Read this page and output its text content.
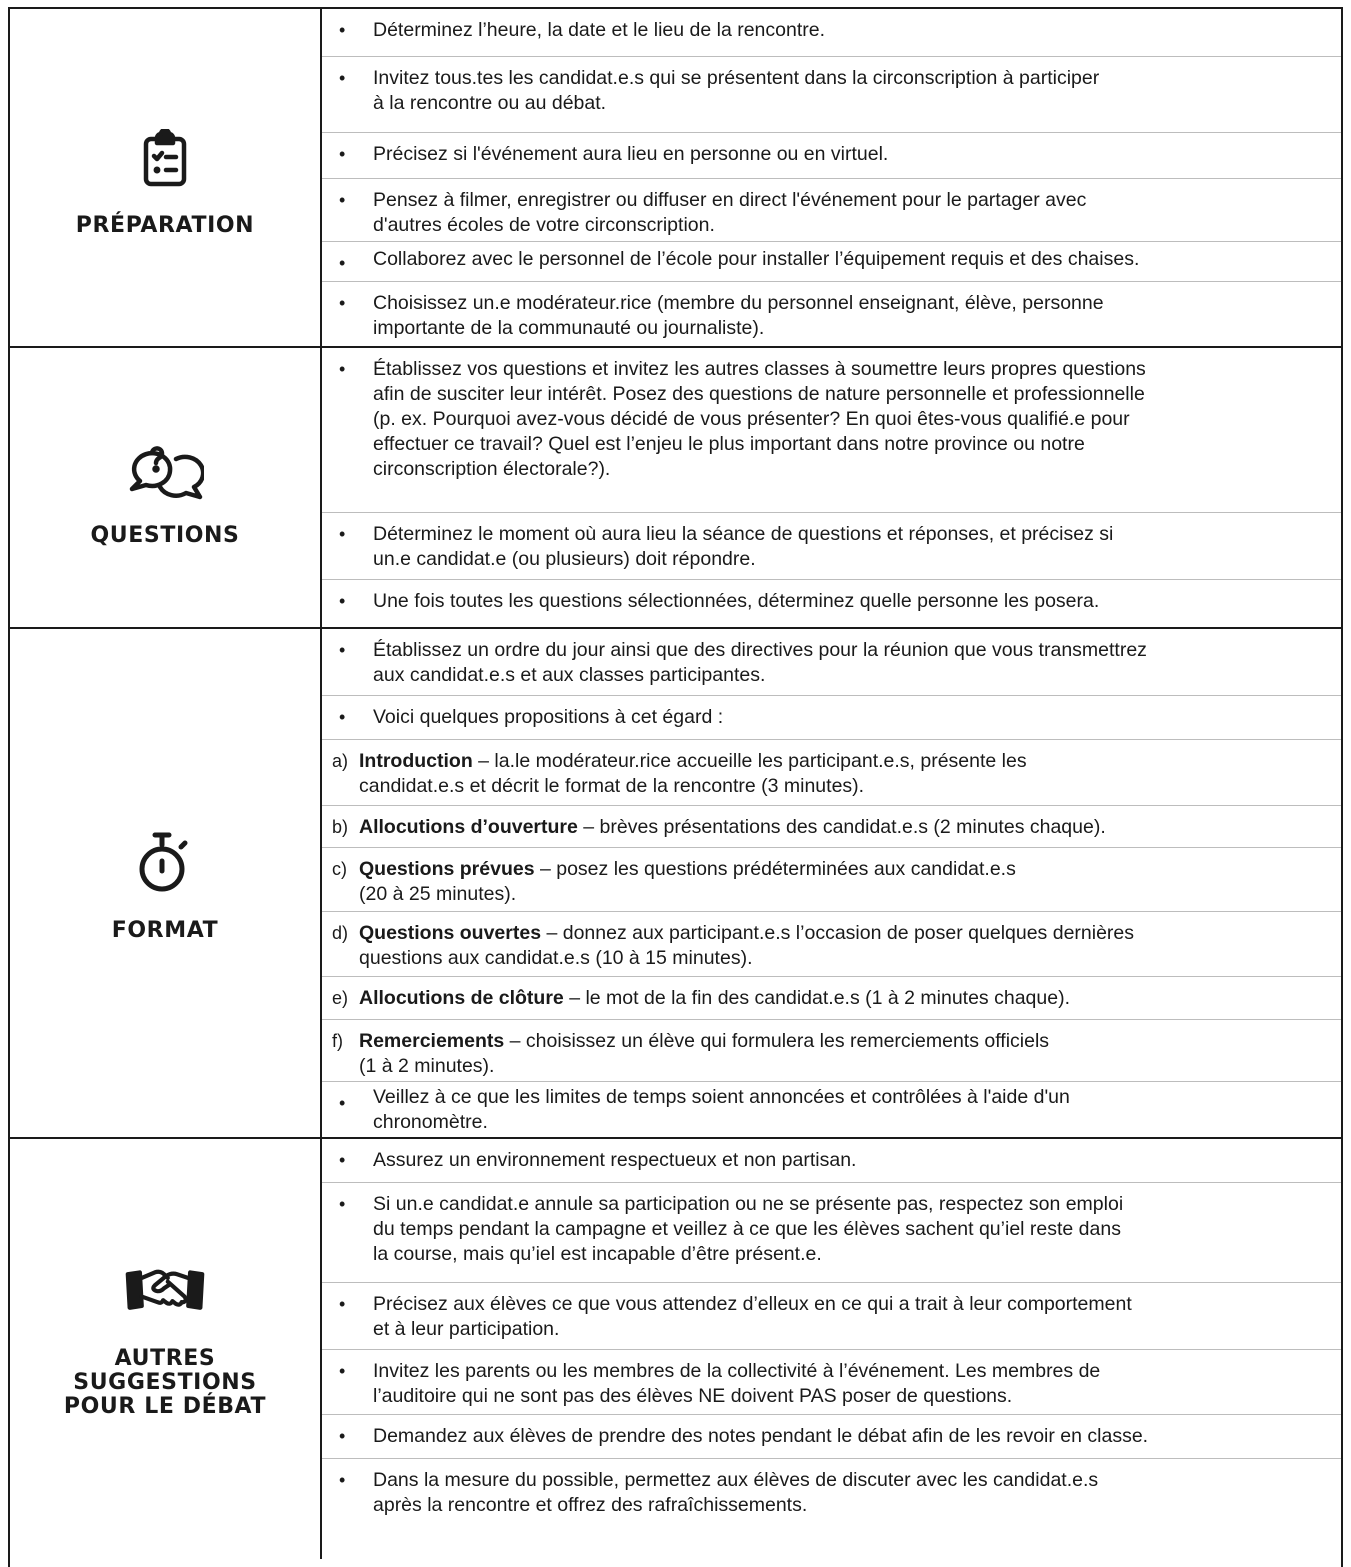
PRÉPARATION
• Déterminez l’heure, la date et le lieu de la rencontre.
• Invitez tous.tes les candidat.e.s qui se présentent dans la circonscription à participer
à la rencontre ou au débat.
• Précisez si l'événement aura lieu en personne ou en virtuel.
• Pensez à filmer, enregistrer ou diffuser en direct l'événement pour le partager avec
d'autres écoles de votre circonscription.
• Collaborez avec le personnel de l’école pour installer l’équipement requis et des chaises.
• Choisissez un.e modérateur.rice (membre du personnel enseignant, élève, personne
importante de la communauté ou journaliste).
QUESTIONS
• Établissez vos questions et invitez les autres classes à soumettre leurs propres questions
afin de susciter leur intérêt. Posez des questions de nature personnelle et professionnelle
(p. ex. Pourquoi avez-vous décidé de vous présenter? En quoi êtes-vous qualifié.e pour
effectuer ce travail? Quel est l’enjeu le plus important dans notre province ou notre
circonscription électorale?).
• Déterminez le moment où aura lieu la séance de questions et réponses, et précisez si
un.e candidat.e (ou plusieurs) doit répondre.
• Une fois toutes les questions sélectionnées, déterminez quelle personne les posera.
FORMAT
• Établissez un ordre du jour ainsi que des directives pour la réunion que vous transmettrez
aux candidat.e.s et aux classes participantes.
• Voici quelques propositions à cet égard :
a) Introduction – la.le modérateur.rice accueille les participant.e.s, présente les
candidat.e.s et décrit le format de la rencontre (3 minutes).
b) Allocutions d’ouverture – brèves présentations des candidat.e.s (2 minutes chaque).
c) Questions prévues – posez les questions prédéterminées aux candidat.e.s
(20 à 25 minutes).
d) Questions ouvertes – donnez aux participant.e.s l’occasion de poser quelques dernières
questions aux candidat.e.s (10 à 15 minutes).
e) Allocutions de clôture – le mot de la fin des candidat.e.s (1 à 2 minutes chaque).
f) Remerciements – choisissez un élève qui formulera les remerciements officiels
(1 à 2 minutes).
• Veillez à ce que les limites de temps soient annoncées et contrôlées à l'aide d'un
chronomètre.
AUTRES
SUGGESTIONS
POUR LE DÉBAT
• Assurez un environnement respectueux et non partisan.
• Si un.e candidat.e annule sa participation ou ne se présente pas, respectez son emploi
du temps pendant la campagne et veillez à ce que les élèves sachent qu’iel reste dans
la course, mais qu’iel est incapable d’être présent.e.
• Précisez aux élèves ce que vous attendez d’elleux en ce qui a trait à leur comportement
et à leur participation.
• Invitez les parents ou les membres de la collectivité à l’événement. Les membres de
l’auditoire qui ne sont pas des élèves NE doivent PAS poser de questions.
• Demandez aux élèves de prendre des notes pendant le débat afin de les revoir en classe.
• Dans la mesure du possible, permettez aux élèves de discuter avec les candidat.e.s
après la rencontre et offrez des rafraîchissements.
